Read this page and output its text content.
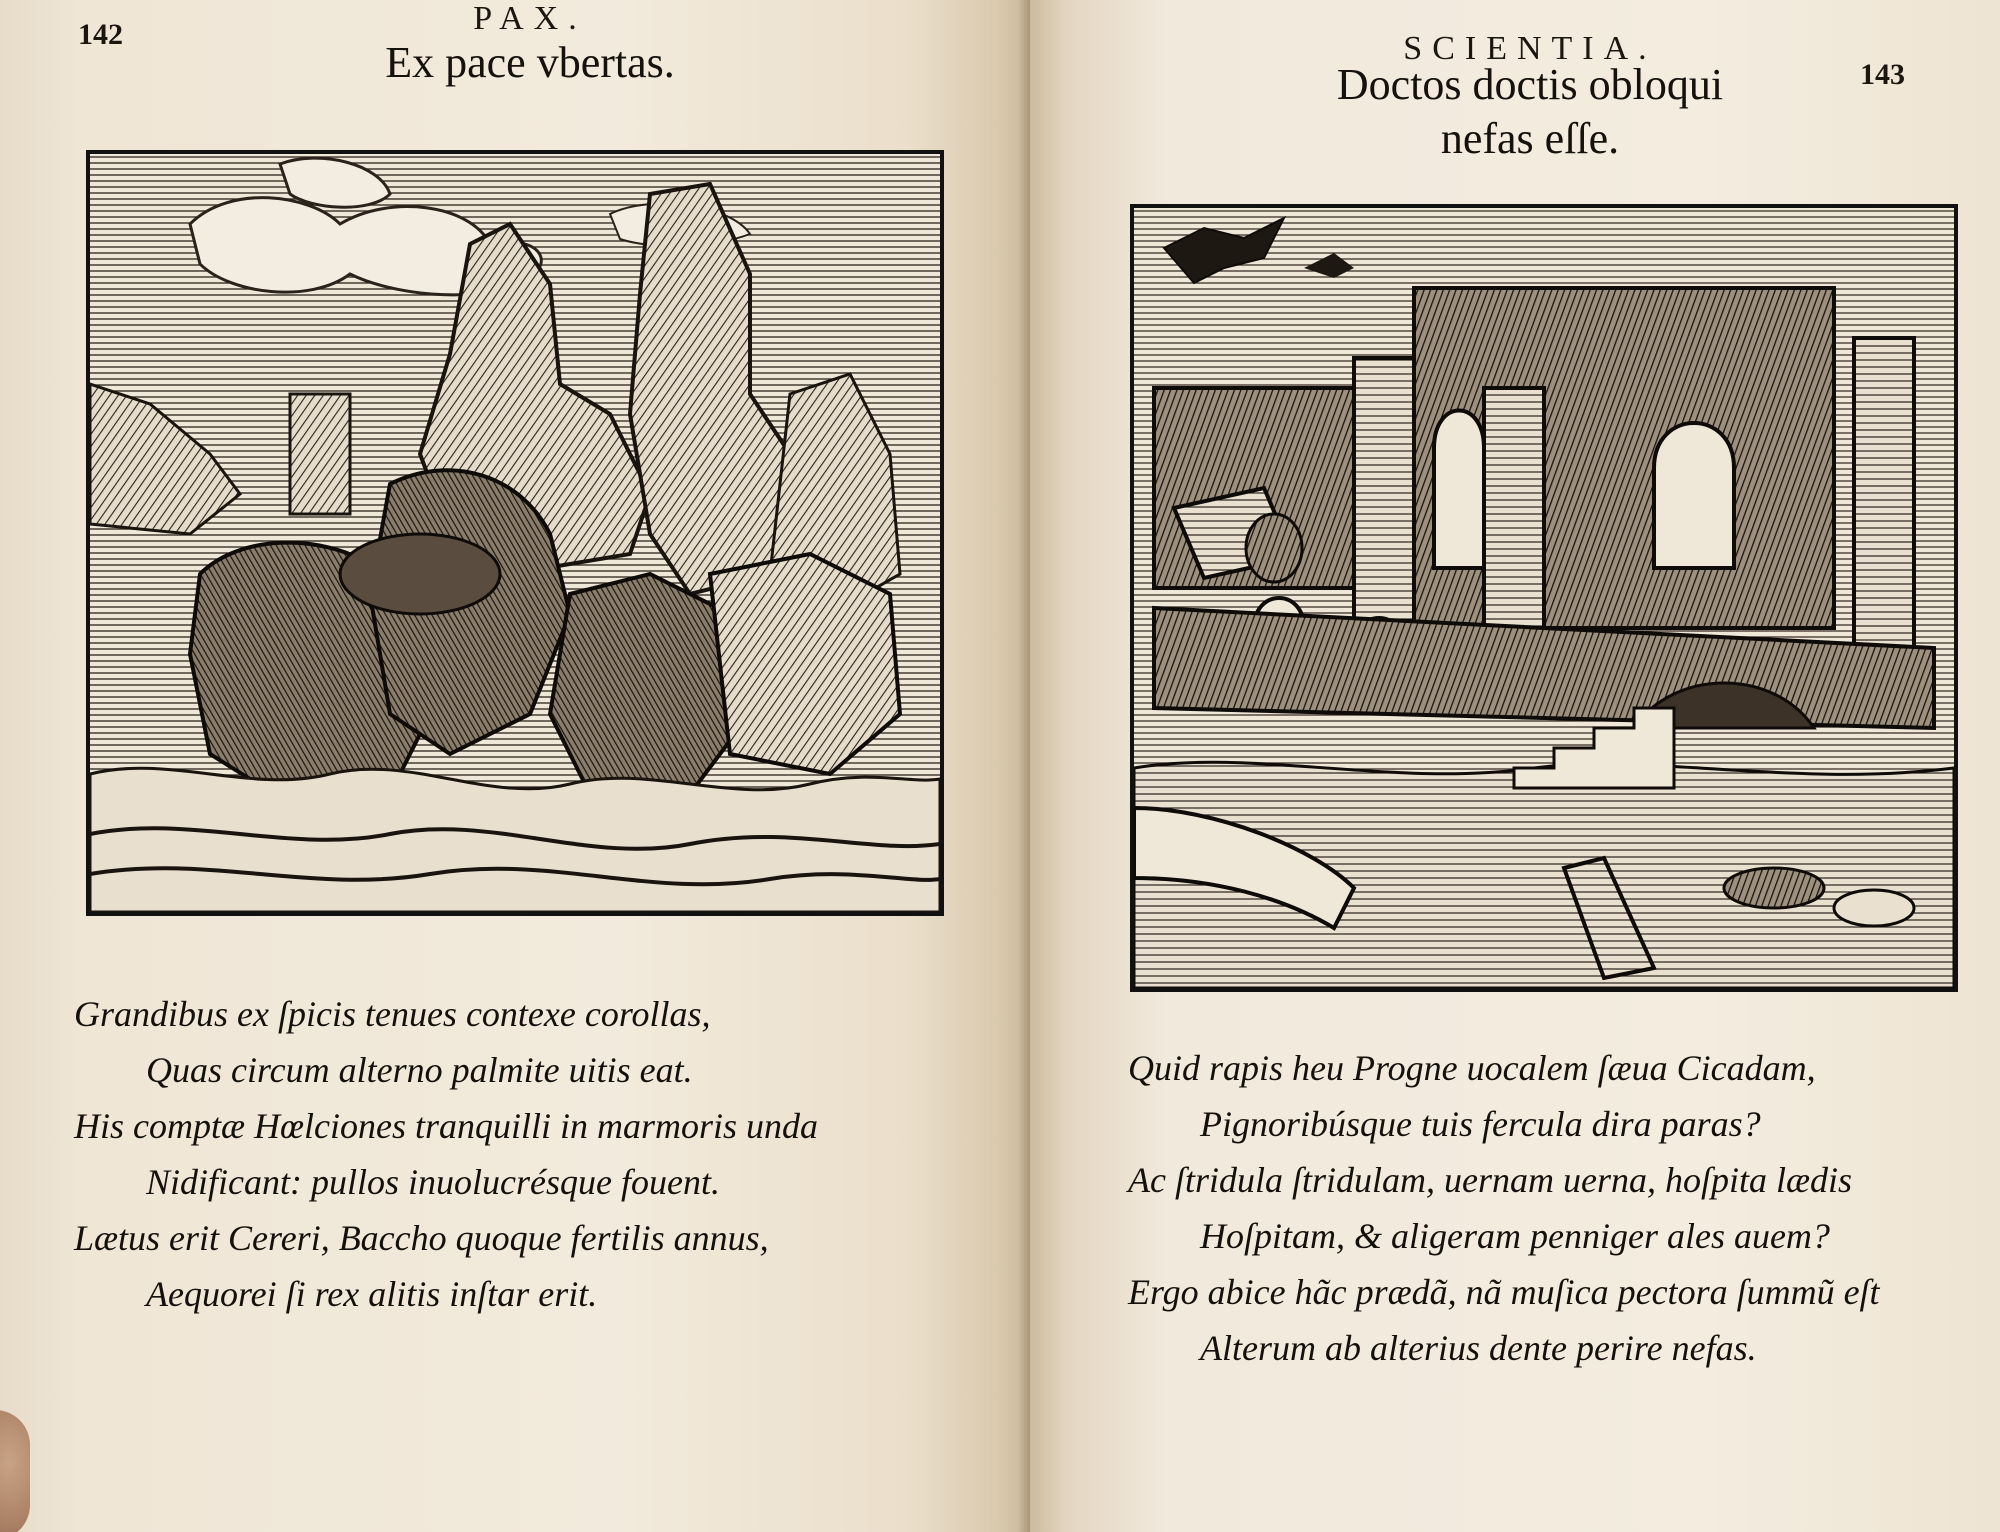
142	PAX.
Ex pace vbertas.
Grandibus ex ſpicis tenues contexe corollas,
Quas circum alterno palmite uitis eat.
His comptæ Hœlciones tranquilli in marmoris unda
Nidificant: pullos inuolucrésque fouent.
Lætus erit Cereri, Baccho quoque fertilis annus,
Aequorei ſi rex alitis inſtar erit.
SCIENTIA.
143
Doctos doctis obloqui
nefas eſſe.
Quid rapis heu Progne uocalem ſæua Cicadam,
Pignoribúsque tuis fercula dira paras?
Ac ſtridula ſtridulam, uernam uerna, hoſpita lædis
Hoſpitam, & aligeram penniger ales auem?
Ergo abice hãc prædã, nã muſica pectora ſummũ eſt
Alterum ab alterius dente perire nefas.
